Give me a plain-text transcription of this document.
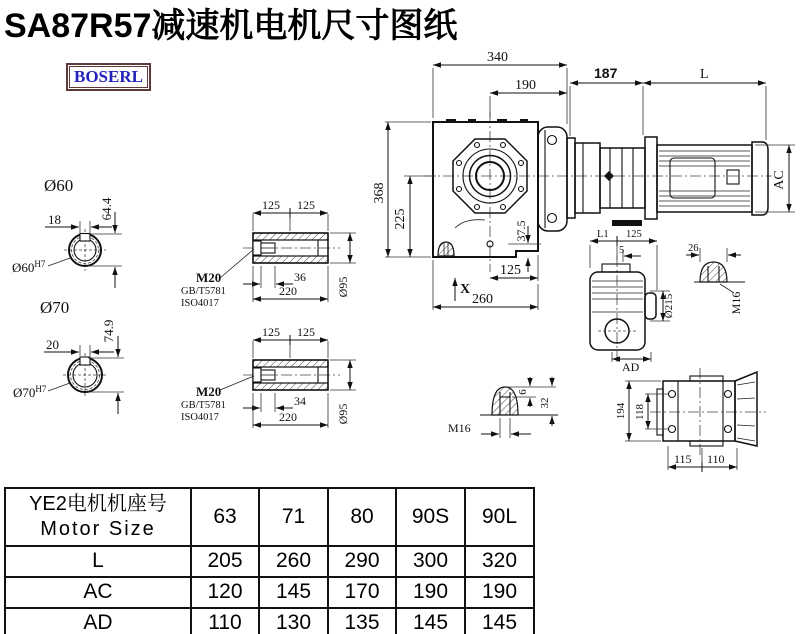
SA87R57减速机电机尺寸图纸
BOSERL
Ø60
18	64.4
$Ø60^{H7}$
Ø70
20
74.9
$Ø70^{H7}$
125 125
36
220	Ø95
M20
GB/T5781
ISO4017
125 125
34
220	Ø95
M20
GB/T5781
ISO4017
340
190
368
225
37.5
125
260
X
187	L
AC
L1 125
5
Ø215
AD
26
M16
M16
6
32	194 118
115 110
YE2电机机座号
Motor Size	63	71	80	90S	90L
L	205	260	290	300	320
AC	120	145	170	190	190
AD	110	130	135	145	145
